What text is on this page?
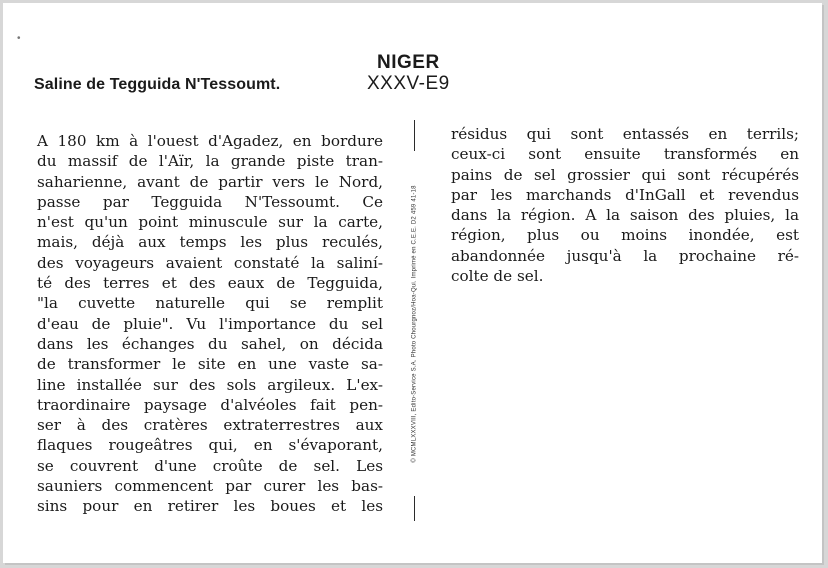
•
Saline de Tegguida N'Tessoumt.
NIGER
XXXV-E9
A 180 km à l'ouest d'Agadez, en bordure
du massif de l'Aïr, la grande piste tran-
saharienne, avant de partir vers le Nord,
passe par Tegguida N'Tessoumt. Ce
n'est qu'un point minuscule sur la carte,
mais, déjà aux temps les plus reculés,
des voyageurs avaient constaté la saliní-
té des terres et des eaux de Tegguida,
"la cuvette naturelle qui se remplit
d'eau de pluie". Vu l'importance du sel
dans les échanges du sahel, on décida
de transformer le site en une vaste sa-
line installée sur des sols argileux. L'ex-
traordinaire paysage d'alvéoles fait pen-
ser à des cratères extraterrestres aux
flaques rougeâtres qui, en s'évaporant,
se couvrent d'une croûte de sel. Les
sauniers commencent par curer les bas-
sins pour en retirer les boues et les
© MCMLXXXVIII, Edito-Service S.A. Photo Chourgnoz/Hoa-Qui. Imprimé en C.E.E. D2 459 41-18
résidus qui sont entassés en terrils;
ceux-ci sont ensuite transformés en
pains de sel grossier qui sont récupérés
par les marchands d'InGall et revendus
dans la région. A la saison des pluies, la
région, plus ou moins inondée, est
abandonnée jusqu'à la prochaine ré-
colte de sel.
